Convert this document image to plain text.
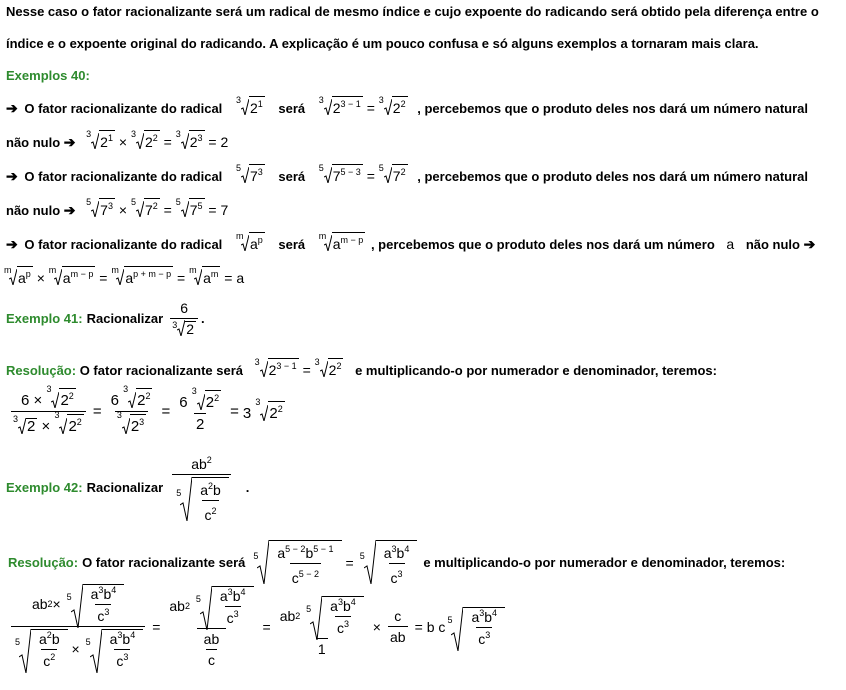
Nesse caso o fator racionalizante será um radical de mesmo índice e cujo expoente do radicando será obtido pela diferença entre o
índice e o expoente original do radicando. A explicação é um pouco confusa e só alguns exemplos a tornaram mais clara.
Exemplos 40:
➔ O fator racionalizante do radical
3 $2^1$ será
3 $2^{3 - 1} = 3$ $2^2$ , percebemos que o produto deles nos dará um número natural
não nulo ➔ 3 $2^1 \times 3$ $2^2 = 3$ $2^3 = 2$
➔ O fator racionalizante do radical
5 $7^3$ será
5 $7^{5 - 3} = 5$ $7^2$ , percebemos que o produto deles nos dará um número natural
não nulo ➔ 5 $7^3 \times 5$ $7^2 = 5$ $7^5 = 7$
➔ O fator racionalizante do radical
m $a^p$ será
m $a^{m - p}$ , percebemos que o produto deles nos dará um número a não nulo ➔
m $a^p \times m$ $a^{m - p} = m$ $a^{p + m - p} = m$ $a^m = a$
Exemplo 41: Racionalizar $\frac{6}{3 2}$ .
Resolução: O fator racionalizante será
3 $2^{3 - 1} = 3$ $2^2$ e multiplicando-o por numerador e denominador, teremos:
6 ×
3
$2^2$
3 2 ×
3
$2^2 = 6$
3
$2^2$
3
$2^3 = 6$
3
$2^2$
2 = 3
3
$2^2$
Exemplo 42: Racionalizar $\frac{ab^2}{5 \frac{a^2b}{c^2}}$ .
Resolução: O fator racionalizante será $5 \frac{a^{5 - 2}b^{5 - 1}}{c^{5 - 2}} = 5 \frac{a^3b^4}{c^3}$ e multiplicando-o por numerador e denominador, teremos:
$\frac{ab 2 \times 5 \frac{a^3b^4}{c^3}}{5 \frac{a^2b}{c^2} \times 5 \frac{a^3b^4}{c^3}}$ = ab 2

$5 \frac{a^3b^4}{c^3}$
$\frac{ab}{c}$ = ab 2

$5 \frac{a^3b^4}{c^3}$
$1 \times \frac{c}{ab} = b$ c $5 \frac{a^3b^4}{c^3}$
